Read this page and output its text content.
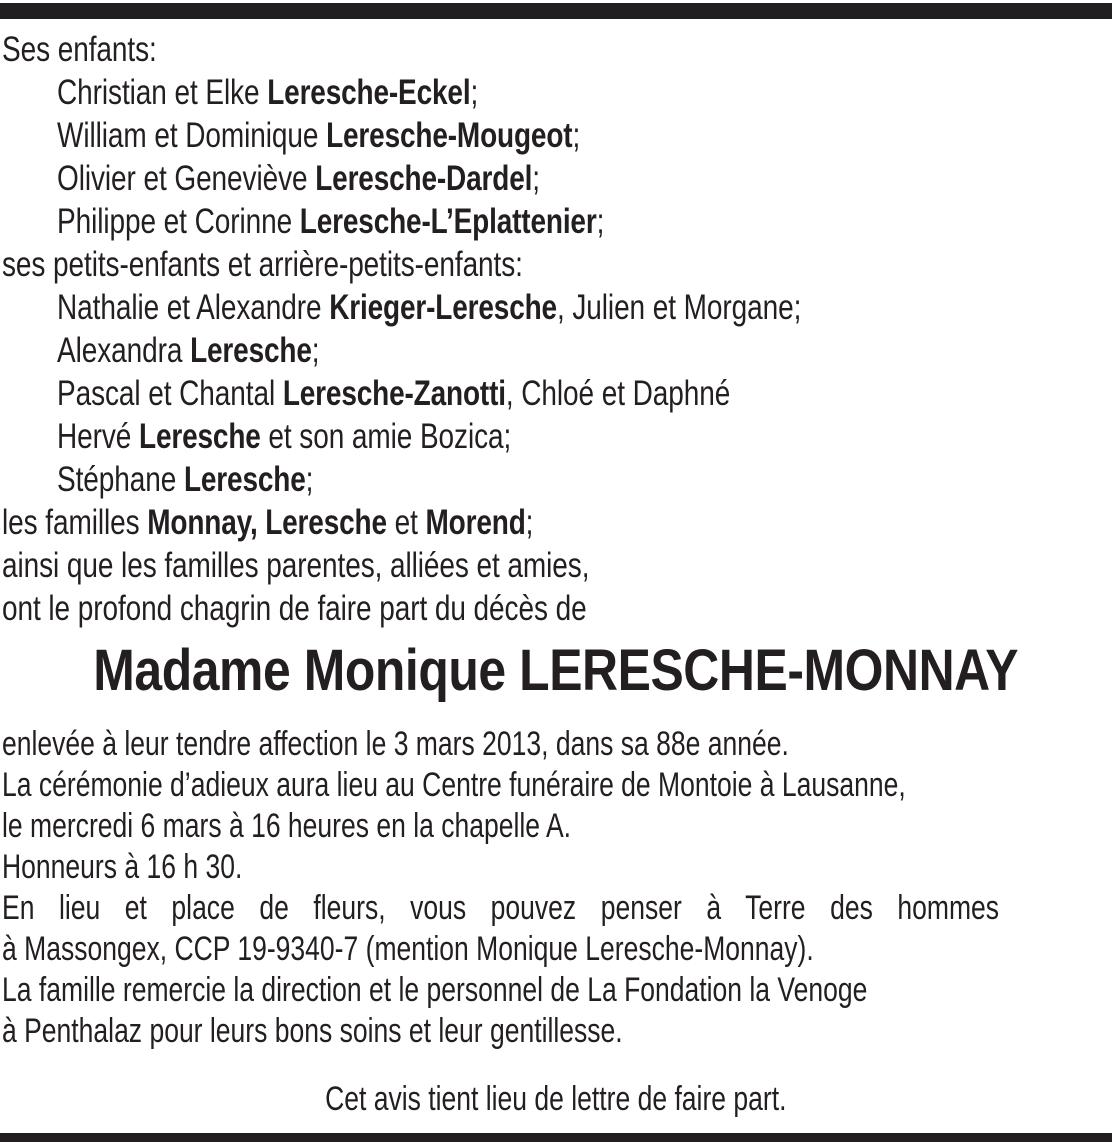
Ses enfants:
Christian et Elke Leresche-Eckel;
William et Dominique Leresche-Mougeot;
Olivier et Geneviève Leresche-Dardel;
Philippe et Corinne Leresche-L’Eplattenier;
ses petits-enfants et arrière-petits-enfants:
Nathalie et Alexandre Krieger-Leresche, Julien et Morgane;
Alexandra Leresche;
Pascal et Chantal Leresche-Zanotti, Chloé et Daphné
Hervé Leresche et son amie Bozica;
Stéphane Leresche;
les familles Monnay, Leresche et Morend;
ainsi que les familles parentes, alliées et amies,
ont le profond chagrin de faire part du décès de
Madame Monique LERESCHE-MONNAY
enlevée à leur tendre affection le 3 mars 2013, dans sa 88e année.
La cérémonie d’adieux aura lieu au Centre funéraire de Montoie à Lausanne,
le mercredi 6 mars à 16 heures en la chapelle A.
Honneurs à 16 h 30.
En lieu et place de fleurs, vous pouvez penser à Terre des hommes
à Massongex, CCP 19-9340-7 (mention Monique Leresche-Monnay).
La famille remercie la direction et le personnel de La Fondation la Venoge
à Penthalaz pour leurs bons soins et leur gentillesse.
Cet avis tient lieu de lettre de faire part.
